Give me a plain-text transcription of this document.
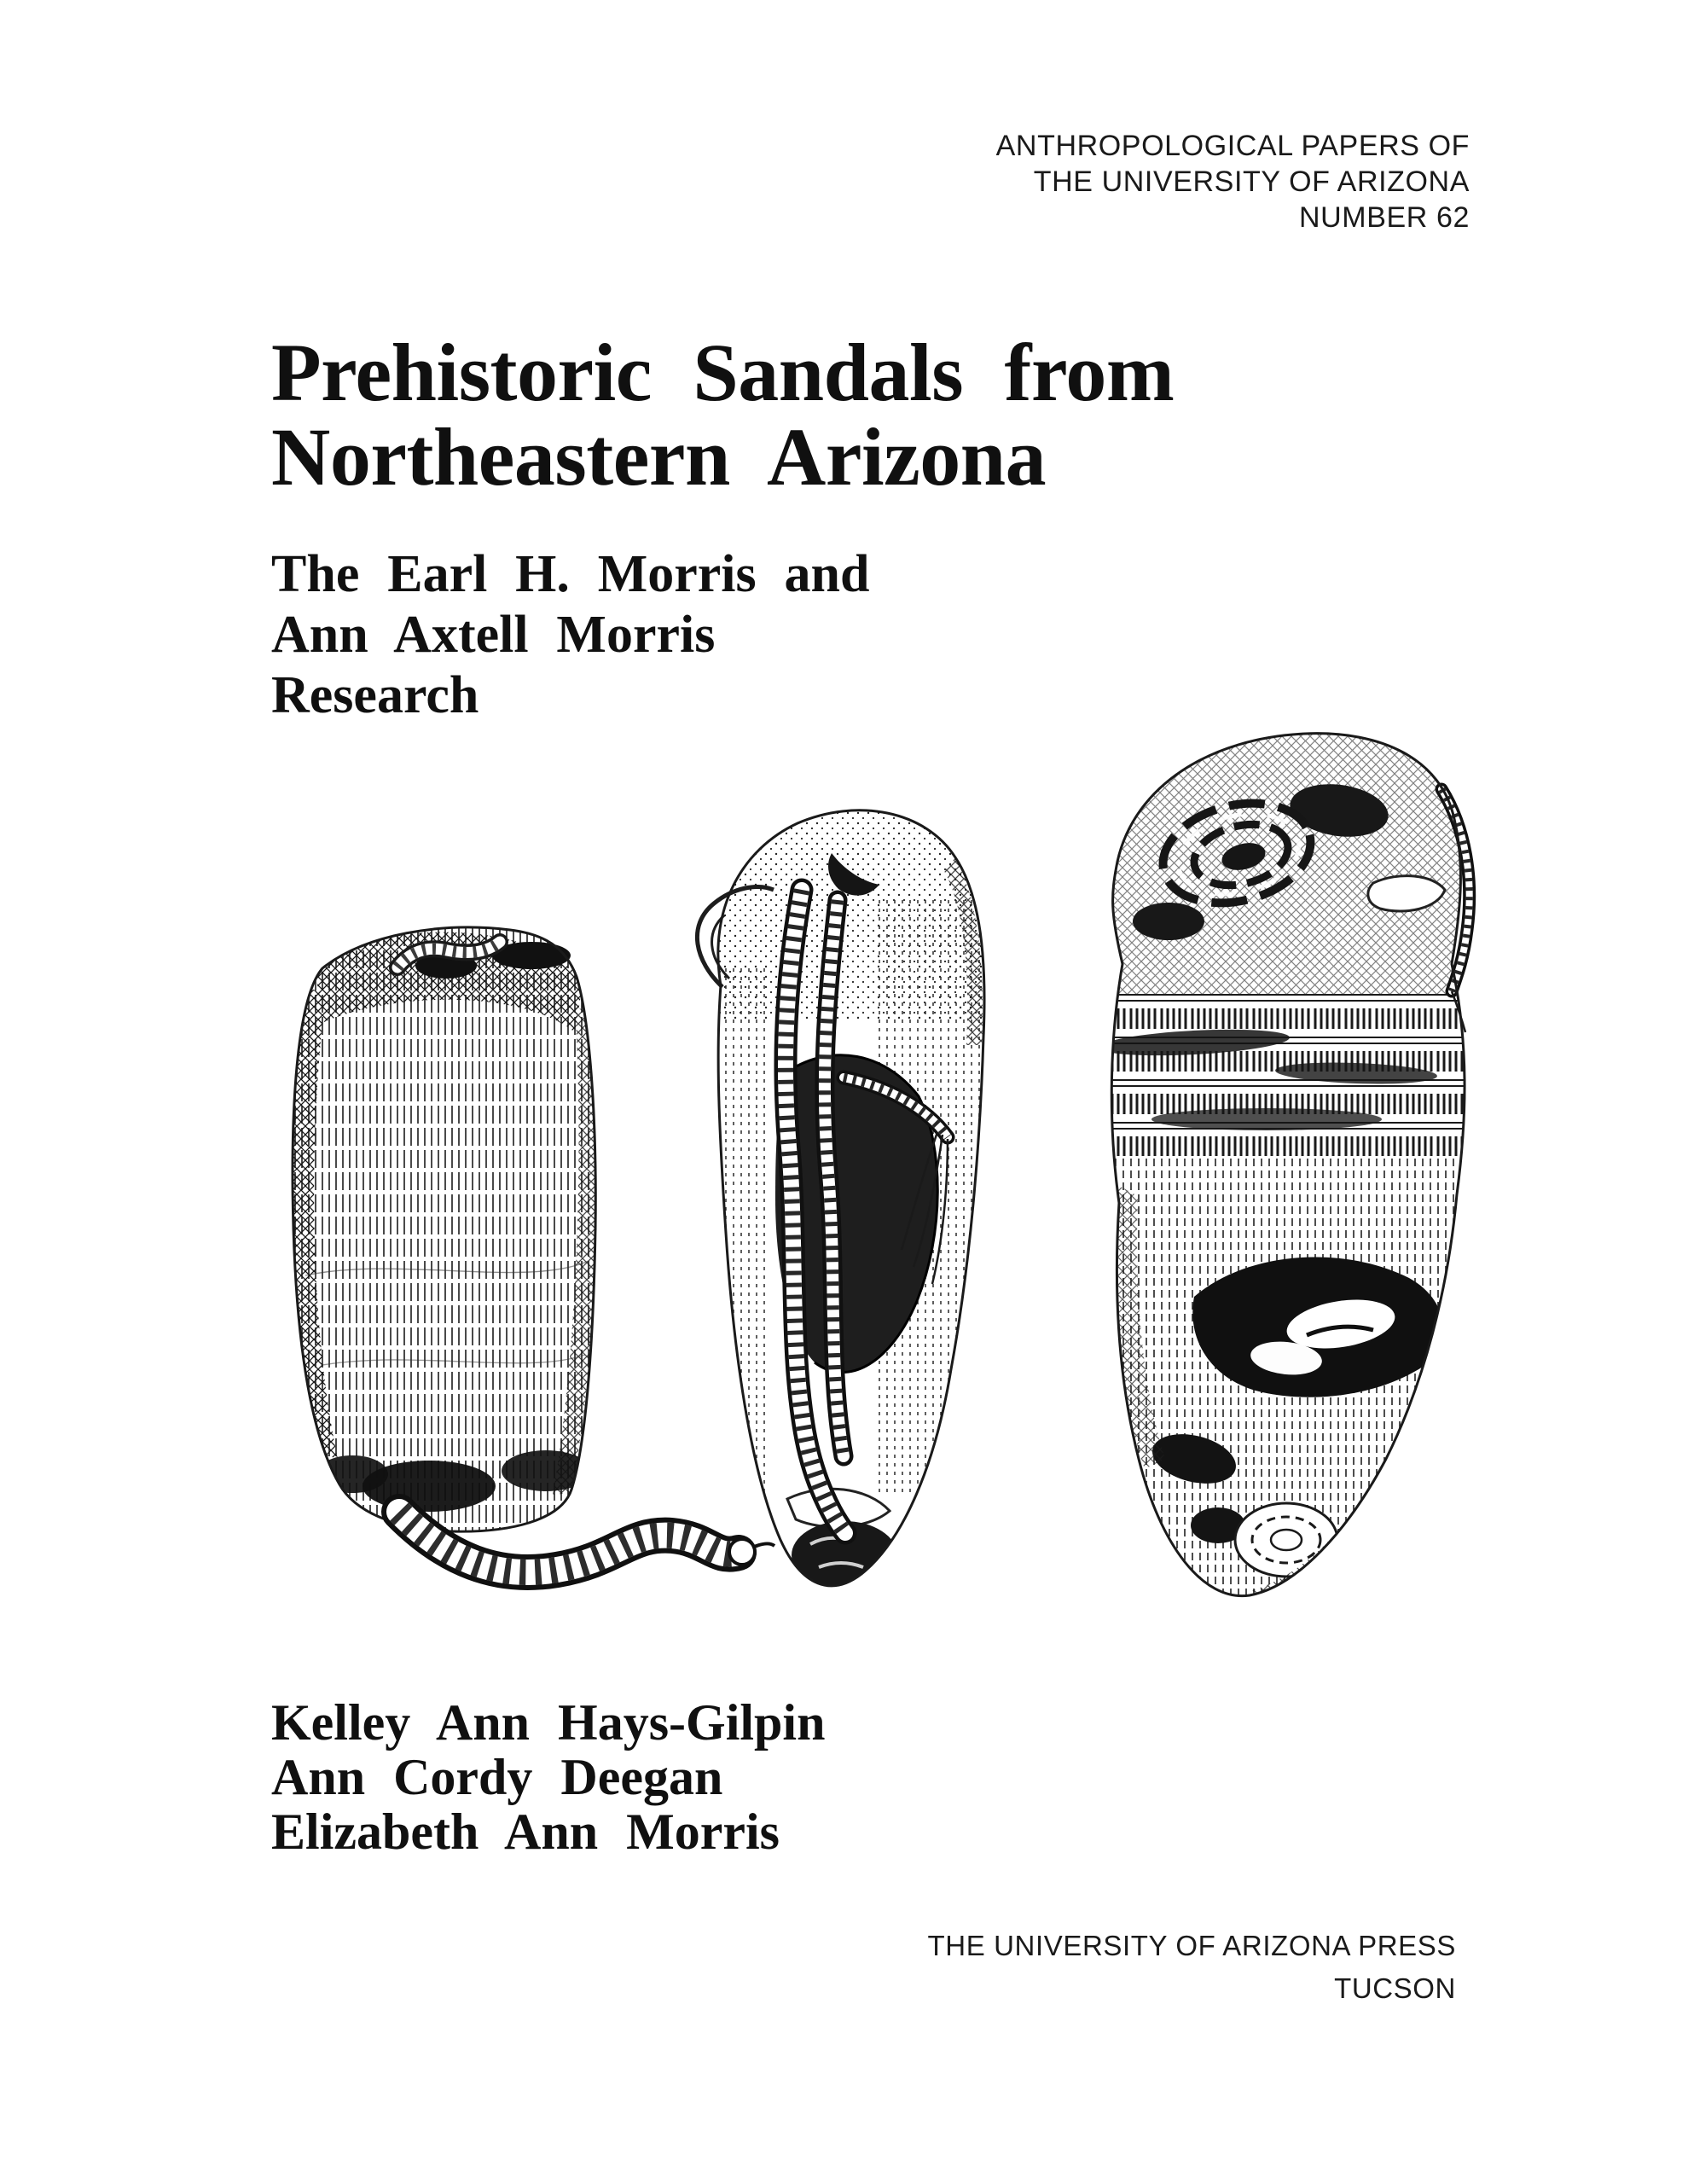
ANTHROPOLOGICAL PAPERS OF
THE UNIVERSITY OF ARIZONA
NUMBER 62
Prehistoric Sandals from
Northeastern Arizona
The Earl H. Morris and
Ann Axtell Morris
Research
Kelley Ann Hays-Gilpin
Ann Cordy Deegan
Elizabeth Ann Morris
THE UNIVERSITY OF ARIZONA PRESS
TUCSON
